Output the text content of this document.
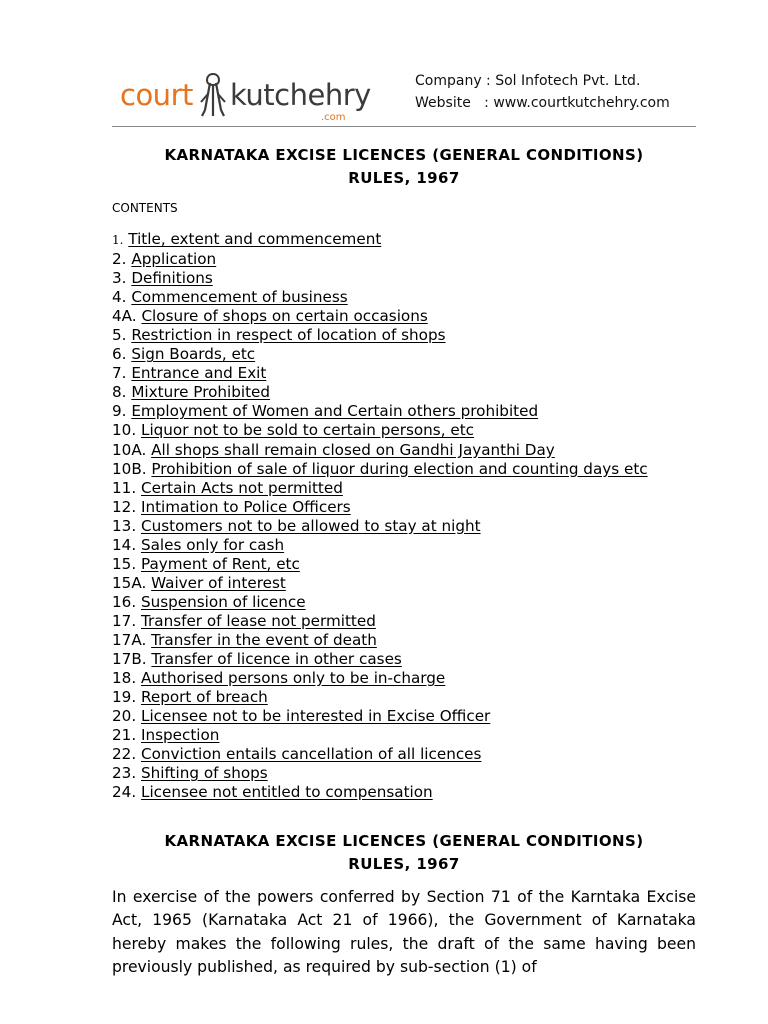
court kutchehry
.com
Company : Sol Infotech Pvt. Ltd.
Website   : www.courtkutchehry.com
KARNATAKA EXCISE LICENCES (GENERAL CONDITIONS)
RULES, 1967
CONTENTS
1. Title, extent and commencement
2. Application
3. Definitions
4. Commencement of business
4A. Closure of shops on certain occasions
5. Restriction in respect of location of shops
6. Sign Boards, etc
7. Entrance and Exit
8. Mixture Prohibited
9. Employment of Women and Certain others prohibited
10. Liquor not to be sold to certain persons, etc
10A. All shops shall remain closed on Gandhi Jayanthi Day
10B. Prohibition of sale of liquor during election and counting days etc
11. Certain Acts not permitted
12. Intimation to Police Officers
13. Customers not to be allowed to stay at night
14. Sales only for cash
15. Payment of Rent, etc
15A. Waiver of interest
16. Suspension of licence
17. Transfer of lease not permitted
17A. Transfer in the event of death
17B. Transfer of licence in other cases
18. Authorised persons only to be in-charge
19. Report of breach
20. Licensee not to be interested in Excise Officer
21. Inspection
22. Conviction entails cancellation of all licences
23. Shifting of shops
24. Licensee not entitled to compensation
KARNATAKA EXCISE LICENCES (GENERAL CONDITIONS)
RULES, 1967
In exercise of the powers conferred by Section 71 of the Karntaka Excise Act, 1965 (Karnataka Act 21 of 1966), the Government of Karnataka hereby makes the following rules, the draft of the same having been previously published, as required by sub-section (1) of
